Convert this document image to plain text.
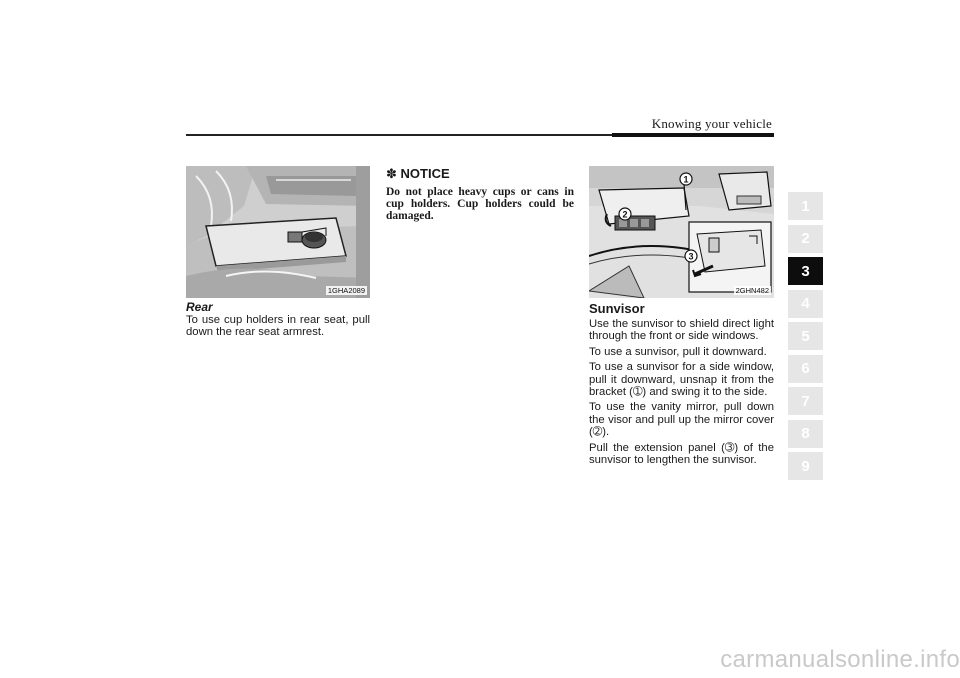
Knowing your vehicle
1GHA2089
Rear

To use cup holders in rear seat, pull down the rear seat armrest.

✽ NOTICE
Do not place heavy cups or cans in cup holders. Cup holders could be damaged.
1
2
3
2GHN482
Sunvisor

Use the sunvisor to shield direct light through the front or side windows.

To use a sunvisor, pull it downward.

To use a sunvisor for a side window, pull it downward, unsnap it from the bracket (➀) and swing it to the side.

To use the vanity mirror, pull down the visor and pull up the mirror cover (➁).

Pull the extension panel (➂) of the sunvisor to lengthen the sunvisor.

1
2
3
4
5
6
7
8
9
carmanualsonline.info
